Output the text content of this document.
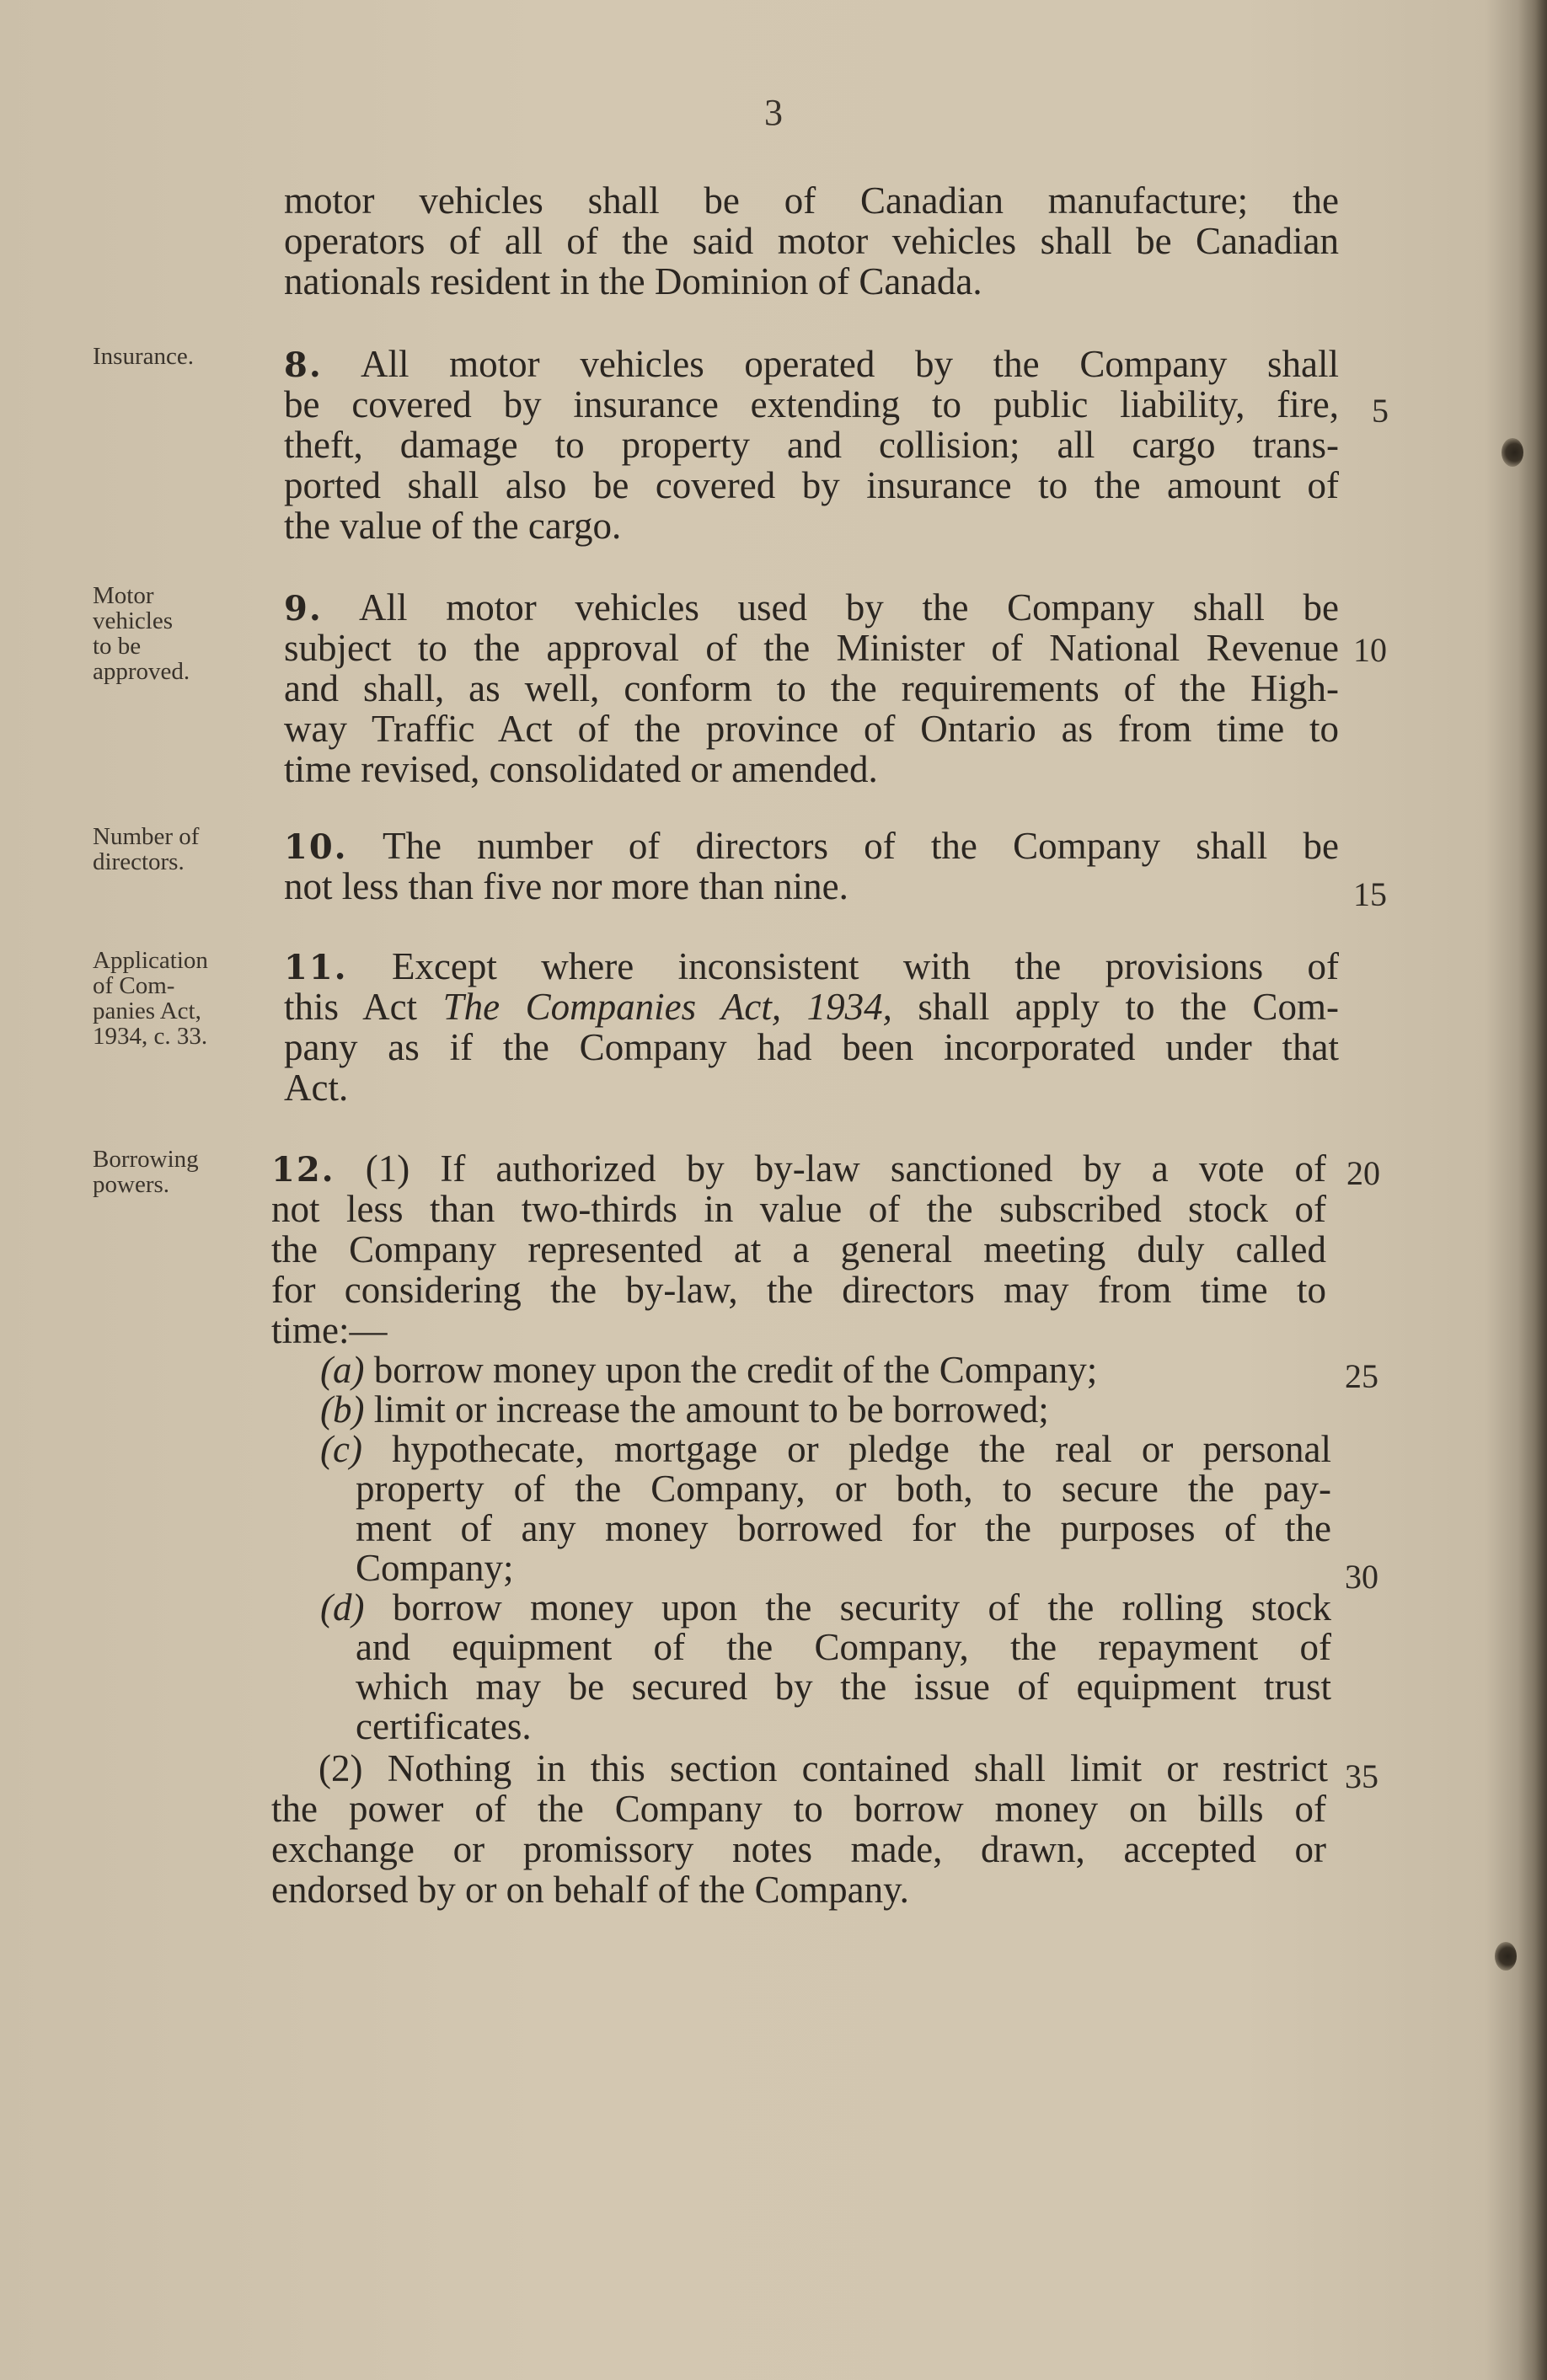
3
motor vehicles shall be of Canadian manufacture; the
operators of all of the said motor vehicles shall be Canadian
nationals resident in the Dominion of Canada.
Insurance.	8. All motor vehicles operated by the Company shall
be covered by insurance extending to public liability, fire,
theft, damage to property and collision; all cargo trans-
ported shall also be covered by insurance to the amount of
the value of the cargo.
5
Motor
vehicles
to be
approved.
9. All motor vehicles used by the Company shall be
subject to the approval of the Minister of National Revenue
and shall, as well, conform to the requirements of the High-
way Traffic Act of the province of Ontario as from time to
time revised, consolidated or amended.
10
Number of
directors.	10. The number of directors of the Company shall be
not less than five nor more than nine.	15
Application
of Com-
panies Act,
1934, c. 33.
11. Except where inconsistent with the provisions of
this Act The Companies Act, 1934, shall apply to the Com-
pany as if the Company had been incorporated under that
Act.
Borrowing
powers.	12. (1) If authorized by by-law sanctioned by a vote of
not less than two-thirds in value of the subscribed stock of
the Company represented at a general meeting duly called
for considering the by-law, the directors may from time to
time:—
20
(a) borrow money upon the credit of the Company;	25
(b) limit or increase the amount to be borrowed;
(c) hypothecate, mortgage or pledge the real or personal
property of the Company, or both, to secure the pay-
ment of any money borrowed for the purposes of the
Company;	30
(d) borrow money upon the security of the rolling stock
and equipment of the Company, the repayment of
which may be secured by the issue of equipment trust
certificates.
(2) Nothing in this section contained shall limit or restrict 35
the power of the Company to borrow money on bills of
exchange or promissory notes made, drawn, accepted or
endorsed by or on behalf of the Company.
